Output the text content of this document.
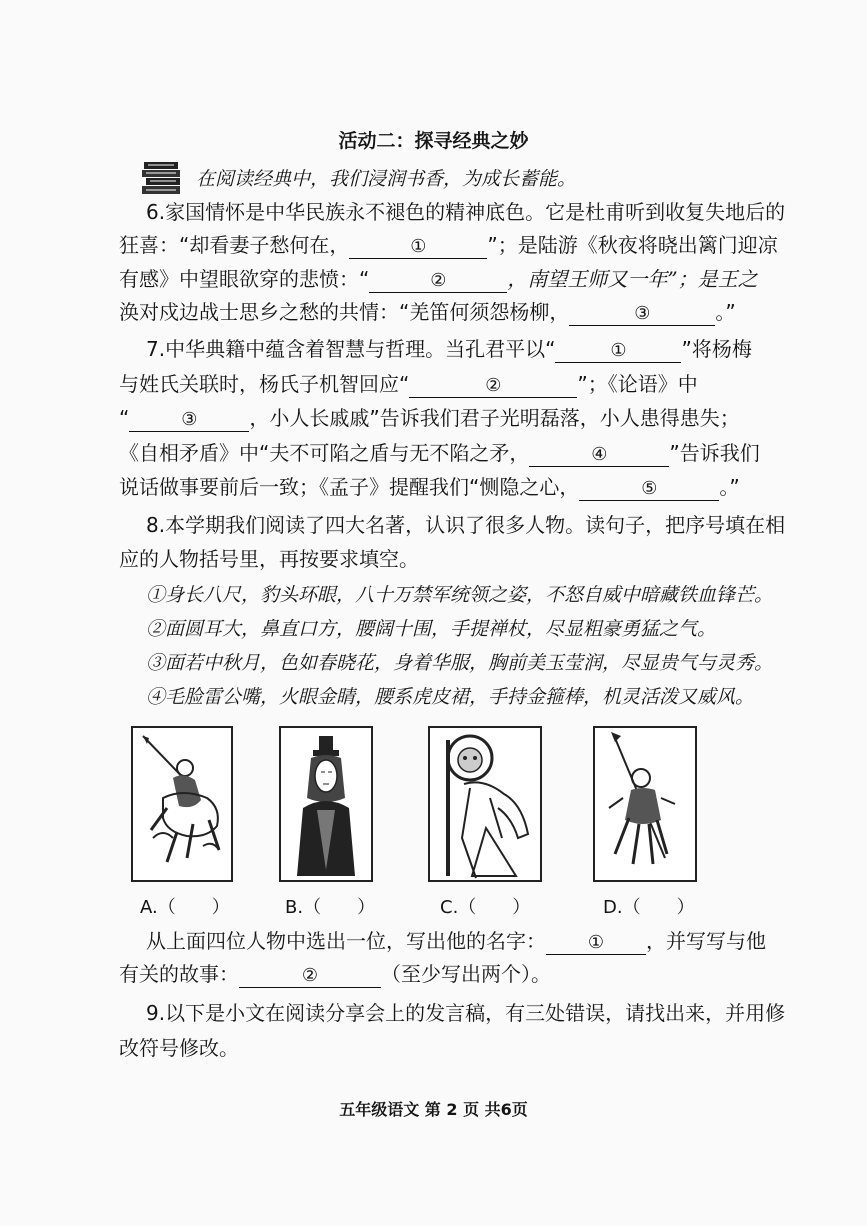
活动二：探寻经典之妙
在阅读经典中，我们浸润书香，为成长蓄能。
6.家国情怀是中华民族永不褪色的精神底色。它是杜甫听到收复失地后的
狂喜：“却看妻子愁何在，	①	”；是陆游《秋夜将晓出篱门迎凉
有感》中望眼欲穿的悲愤：“	②	，南望王师又一年”；是王之
涣对戍边战士思乡之愁的共情：“羌笛何须怨杨柳，	③	。”
7.中华典籍中蕴含着智慧与哲理。当孔君平以“	①	”将杨梅
与姓氏关联时，杨氏子机智回应“	②	”；《论语》中
“	③	，小人长戚戚”告诉我们君子光明磊落，小人患得患失；
《自相矛盾》中“夫不可陷之盾与无不陷之矛，	④	”告诉我们
说话做事要前后一致；《孟子》提醒我们“恻隐之心，	⑤	。”
8.本学期我们阅读了四大名著，认识了很多人物。读句子，把序号填在相
应的人物括号里，再按要求填空。
①身长八尺，豹头环眼，八十万禁军统领之姿，不怒自威中暗藏铁血锋芒。
②面圆耳大，鼻直口方，腰阔十围，手提禅杖，尽显粗豪勇猛之气。
③面若中秋月，色如春晓花，身着华服，胸前美玉莹润，尽显贵气与灵秀。
④毛脸雷公嘴，火眼金睛，腰系虎皮裙，手持金箍棒，机灵活泼又威风。
A.（　　）	B.（　　）	C.（　　）	D.（　　）
从上面四位人物中选出一位，写出他的名字： ① ，并写写与他
有关的故事：	②	（至少写出两个）。
9.以下是小文在阅读分享会上的发言稿，有三处错误，请找出来，并用修
改符号修改。
五年级语文 第 2 页 共6页
